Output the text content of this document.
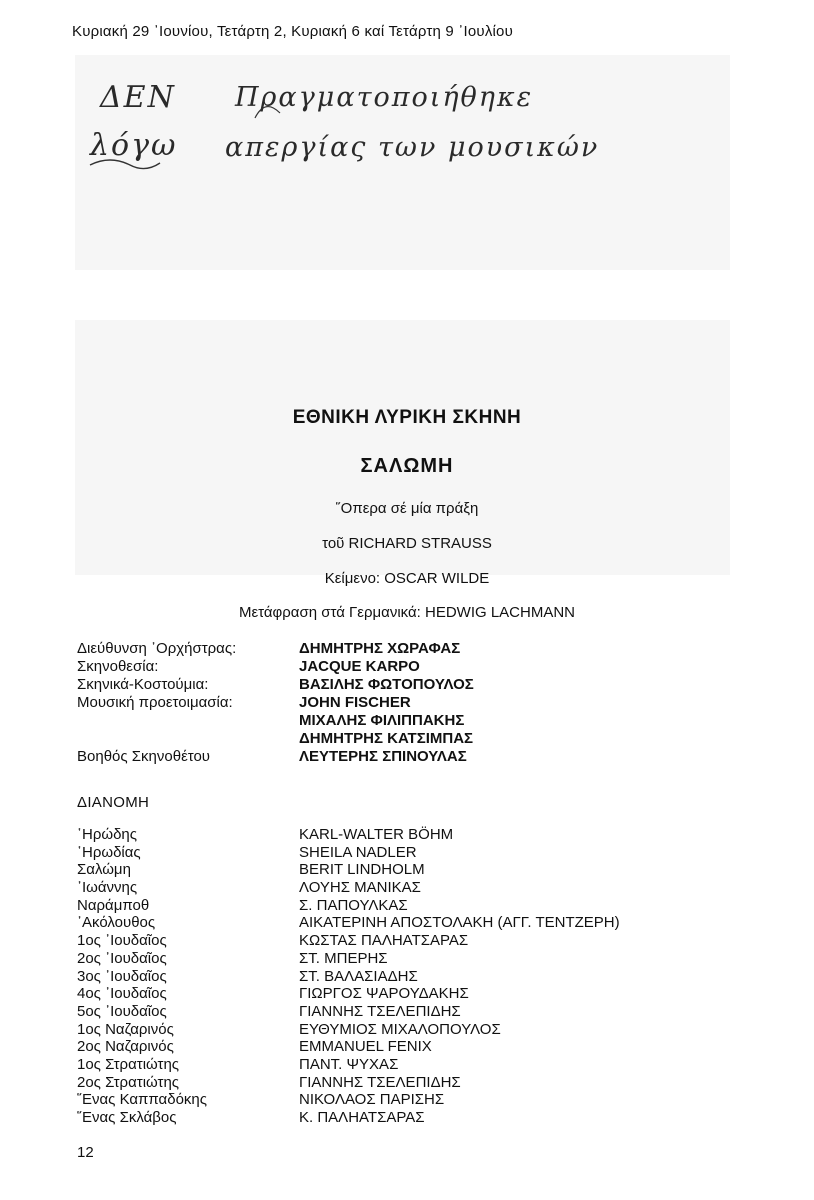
Κυριακή 29 ᾿Ιουνίου, Τετάρτη 2, Κυριακή 6 καί Τετάρτη 9 ᾿Ιουλίου
ΔΕΝ Πραγματοποιήθηκε
λόγω απεργίας των μουσικών
ΕΘΝΙΚΗ ΛΥΡΙΚΗ ΣΚΗΝΗ
ΣΑΛΩΜΗ
῞Οπερα σέ μία πράξη
τοῦ RICHARD STRAUSS
Κείμενο: OSCAR WILDE
Μετάφραση στά Γερμανικά: HEDWIG LACHMANN
Διεύθυνση ᾿Ορχήστρας:	ΔΗΜΗΤΡΗΣ ΧΩΡΑΦΑΣ
Σκηνοθεσία:	JACQUE KARPO
Σκηνικά-Κοστούμια:	ΒΑΣΙΛΗΣ ΦΩΤΟΠΟΥΛΟΣ
Μουσική προετοιμασία:	JOHN FISCHER
ΜΙΧΑΛΗΣ ΦΙΛΙΠΠΑΚΗΣ
ΔΗΜΗΤΡΗΣ ΚΑΤΣΙΜΠΑΣ
Βοηθός Σκηνοθέτου	ΛΕΥΤΕΡΗΣ ΣΠΙΝΟΥΛΑΣ
ΔΙΑΝΟΜΗ
῾Ηρώδης	KARL-WALTER BÖHM
῾Ηρωδίας	SHEILA NADLER
Σαλώμη	BERIT LINDHOLM
᾿Ιωάννης	ΛΟΥΗΣ ΜΑΝΙΚΑΣ
Ναράμποθ	Σ. ΠΑΠΟΥΛΚΑΣ
᾿Ακόλουθος	ΑΙΚΑΤΕΡΙΝΗ ΑΠΟΣΤΟΛΑΚΗ (ΑΓΓ. ΤΕΝΤΖΕΡΗ)
1ος ᾿Ιουδαῖος	ΚΩΣΤΑΣ ΠΑΛΗΑΤΣΑΡΑΣ
2ος ᾿Ιουδαῖος	ΣΤ. ΜΠΕΡΗΣ
3ος ᾿Ιουδαῖος	ΣΤ. ΒΑΛΑΣΙΑΔΗΣ
4ος ᾿Ιουδαῖος	ΓΙΩΡΓΟΣ ΨΑΡΟΥΔΑΚΗΣ
5ος ᾿Ιουδαῖος	ΓΙΑΝΝΗΣ ΤΣΕΛΕΠΙΔΗΣ
1ος Ναζαρινός	ΕΥΘΥΜΙΟΣ ΜΙΧΑΛΟΠΟΥΛΟΣ
2ος Ναζαρινός	EMMANUEL FENIX
1ος Στρατιώτης	ΠΑΝΤ. ΨΥΧΑΣ
2ος Στρατιώτης	ΓΙΑΝΝΗΣ ΤΣΕΛΕΠΙΔΗΣ
῞Ενας Καππαδόκης	ΝΙΚΟΛΑΟΣ ΠΑΡΙΣΗΣ
῞Ενας Σκλάβος	Κ. ΠΑΛΗΑΤΣΑΡΑΣ
12
